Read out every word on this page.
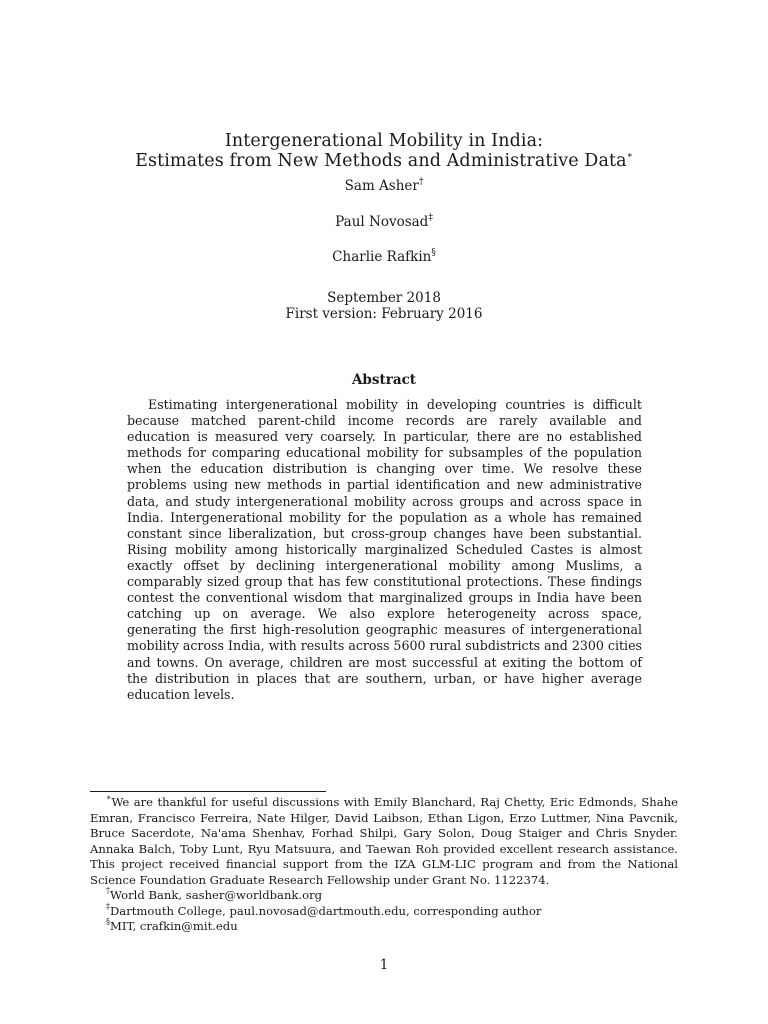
Intergenerational Mobility in India:
Estimates from New Methods and Administrative Data∗
Sam Asher†
Paul Novosad‡
Charlie Rafkin§
September 2018
First version: February 2016
Abstract
Estimating intergenerational mobility in developing countries is difficult because matched parent-child income records are rarely available and education is measured very coarsely. In particular, there are no established methods for comparing educational mobility for subsamples of the population when the education distribution is changing over time. We resolve these problems using new methods in partial identification and new administrative data, and study intergenerational mobility across groups and across space in India. Intergenerational mobility for the population as a whole has remained constant since liberalization, but cross-group changes have been substantial. Rising mobility among historically marginalized Scheduled Castes is almost exactly offset by declining intergenerational mobility among Muslims, a comparably sized group that has few constitutional protections. These findings contest the conventional wisdom that marginalized groups in India have been catching up on average. We also explore heterogeneity across space, generating the first high-resolution geographic measures of intergenerational mobility across India, with results across 5600 rural subdistricts and 2300 cities and towns. On average, children are most successful at exiting the bottom of the distribution in places that are southern, urban, or have higher average education levels.

∗We are thankful for useful discussions with Emily Blanchard, Raj Chetty, Eric Edmonds, Shahe Emran, Francisco Ferreira, Nate Hilger, David Laibson, Ethan Ligon, Erzo Luttmer, Nina Pavcnik, Bruce Sacerdote, Na'ama Shenhav, Forhad Shilpi, Gary Solon, Doug Staiger and Chris Snyder. Annaka Balch, Toby Lunt, Ryu Matsuura, and Taewan Roh provided excellent research assistance. This project received financial support from the IZA GLM-LIC program and from the National Science Foundation Graduate Research Fellowship under Grant No. 1122374.

†World Bank, sasher@worldbank.org

‡Dartmouth College, paul.novosad@dartmouth.edu, corresponding author

§MIT, crafkin@mit.edu

1
